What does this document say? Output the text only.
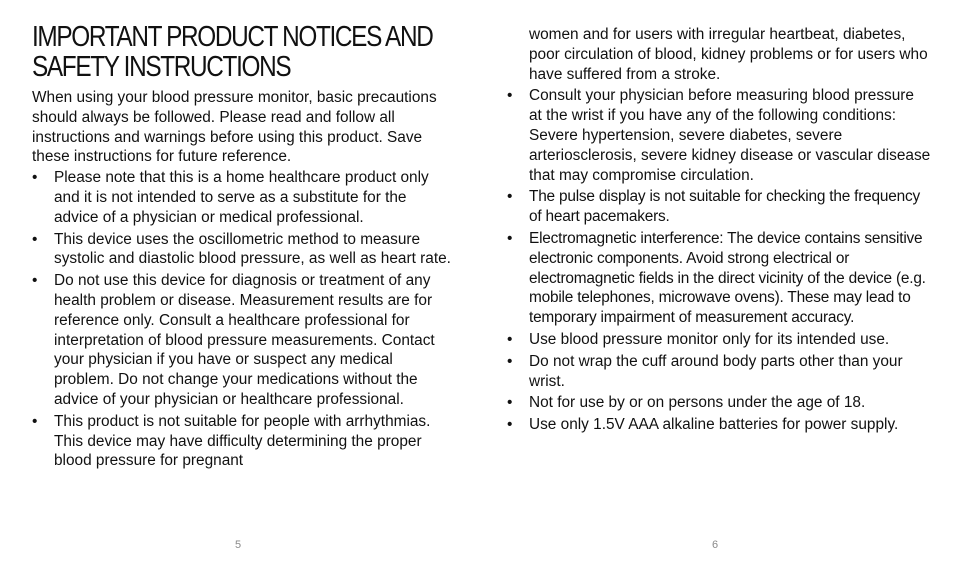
IMPORTANT PRODUCT NOTICES AND SAFETY INSTRUCTIONS

When using your blood pressure monitor, basic precautions should always be followed. Please read and follow all instructions and warnings before using this product. Save these instructions for future reference.

•	Please note that this is a home healthcare product only and it is not intended to serve as a substitute for the advice of a physician or medical professional.
•	This device uses the oscillometric method to measure systolic and diastolic blood pressure, as well as heart rate.
•	Do not use this device for diagnosis or treatment of any health problem or disease. Measurement results are for reference only. Consult a healthcare professional for interpretation of blood pressure measurements. Contact your physician if you have or suspect any medical problem. Do not change your medications without the advice of your physician or healthcare professional.
•	This product is not suitable for people with arrhythmias. This device may have difficulty determining the proper blood pressure for pregnant
5

women and for users with irregular heartbeat, diabetes, poor circulation of blood, kidney problems or for users who have suffered from a stroke.

•	Consult your physician before measuring blood pressure at the wrist if you have any of the following conditions: Severe hypertension, severe diabetes, severe arteriosclerosis, severe kidney disease or vascular disease that may compromise circulation.
•	The pulse display is not suitable for checking the frequency of heart pacemakers.
•	Electromagnetic interference: The device contains sensitive electronic components. Avoid strong electrical or electromagnetic fields in the direct vicinity of the device (e.g. mobile telephones, microwave ovens). These may lead to temporary impairment of measurement accuracy.
•	Use blood pressure monitor only for its intended use.
•	Do not wrap the cuff around body parts other than your wrist.
•	Not for use by or on persons under the age of 18.
•	Use only 1.5V AAA alkaline batteries for power supply.
6
